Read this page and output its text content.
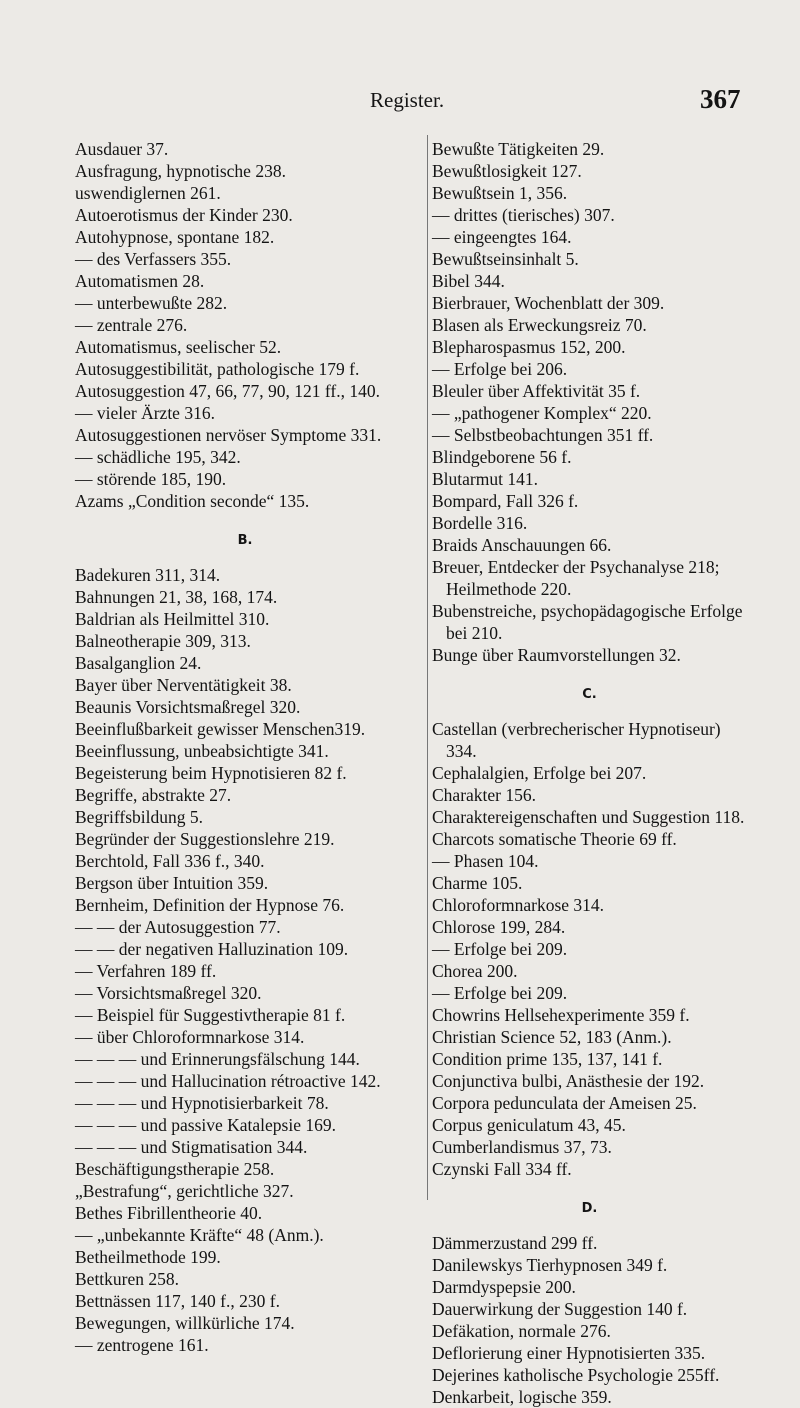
Register.	367
Ausdauer 37.
Ausfragung, hypnotische 238.
uswendiglernen 261.
Autoerotismus der Kinder 230.
Autohypnose, spontane 182.
— des Verfassers 355.
Automatismen 28.
— unterbewußte 282.
— zentrale 276.
Automatismus, seelischer 52.
Autosuggestibilität, pathologische 179 f.
Autosuggestion 47, 66, 77, 90, 121 ff., 140.
— vieler Ärzte 316.
Autosuggestionen nervöser Symptome 331.
— schädliche 195, 342.
— störende 185, 190.
Azams „Condition seconde“ 135.
B.
Badekuren 311, 314.
Bahnungen 21, 38, 168, 174.
Baldrian als Heilmittel 310.
Balneotherapie 309, 313.
Basalganglion 24.
Bayer über Nerventätigkeit 38.
Beaunis Vorsichtsmaßregel 320.
Beeinflußbarkeit gewisser Menschen319.
Beeinflussung, unbeabsichtigte 341.
Begeisterung beim Hypnotisieren 82 f.
Begriffe, abstrakte 27.
Begriffsbildung 5.
Begründer der Suggestionslehre 219.
Berchtold, Fall 336 f., 340.
Bergson über Intuition 359.
Bernheim, Definition der Hypnose 76.
— — der Autosuggestion 77.
— — der negativen Halluzination 109.
— Verfahren 189 ff.
— Vorsichtsmaßregel 320.
— Beispiel für Suggestivtherapie 81 f.
— über Chloroformnarkose 314.
— — — und Erinnerungsfälschung 144.
— — — und Hallucination rétroactive 142.
— — — und Hypnotisierbarkeit 78.
— — — und passive Katalepsie 169.
— — — und Stigmatisation 344.
Beschäftigungstherapie 258.
„Bestrafung“, gerichtliche 327.
Bethes Fibrillentheorie 40.
— „unbekannte Kräfte“ 48 (Anm.).
Betheilmethode 199.
Bettkuren 258.
Bettnässen 117, 140 f., 230 f.
Bewegungen, willkürliche 174.
— zentrogene 161.
Bewußte Tätigkeiten 29.
Bewußtlosigkeit 127.
Bewußtsein 1, 356.
— drittes (tierisches) 307.
— eingeengtes 164.
Bewußtseinsinhalt 5.
Bibel 344.
Bierbrauer, Wochenblatt der 309.
Blasen als Erweckungsreiz 70.
Blepharospasmus 152, 200.
— Erfolge bei 206.
Bleuler über Affektivität 35 f.
— „pathogener Komplex“ 220.
— Selbstbeobachtungen 351 ff.
Blindgeborene 56 f.
Blutarmut 141.
Bompard, Fall 326 f.
Bordelle 316.
Braids Anschauungen 66.
Breuer, Entdecker der Psychanalyse 218; Heilmethode 220.
Bubenstreiche, psychopädagogische Erfolge bei 210.
Bunge über Raumvorstellungen 32.
C.
Castellan (verbrecherischer Hypnotiseur) 334.
Cephalalgien, Erfolge bei 207.
Charakter 156.
Charaktereigenschaften und Suggestion 118.
Charcots somatische Theorie 69 ff.
— Phasen 104.
Charme 105.
Chloroformnarkose 314.
Chlorose 199, 284.
— Erfolge bei 209.
Chorea 200.
— Erfolge bei 209.
Chowrins Hellsehexperimente 359 f.
Christian Science 52, 183 (Anm.).
Condition prime 135, 137, 141 f.
Conjunctiva bulbi, Anästhesie der 192.
Corpora pedunculata der Ameisen 25.
Corpus geniculatum 43, 45.
Cumberlandismus 37, 73.
Czynski Fall 334 ff.
D.
Dämmerzustand 299 ff.
Danilewskys Tierhypnosen 349 f.
Darmdyspepsie 200.
Dauerwirkung der Suggestion 140 f.
Defäkation, normale 276.
Deflorierung einer Hypnotisierten 335.
Dejerines katholische Psychologie 255ff.
Denkarbeit, logische 359.
